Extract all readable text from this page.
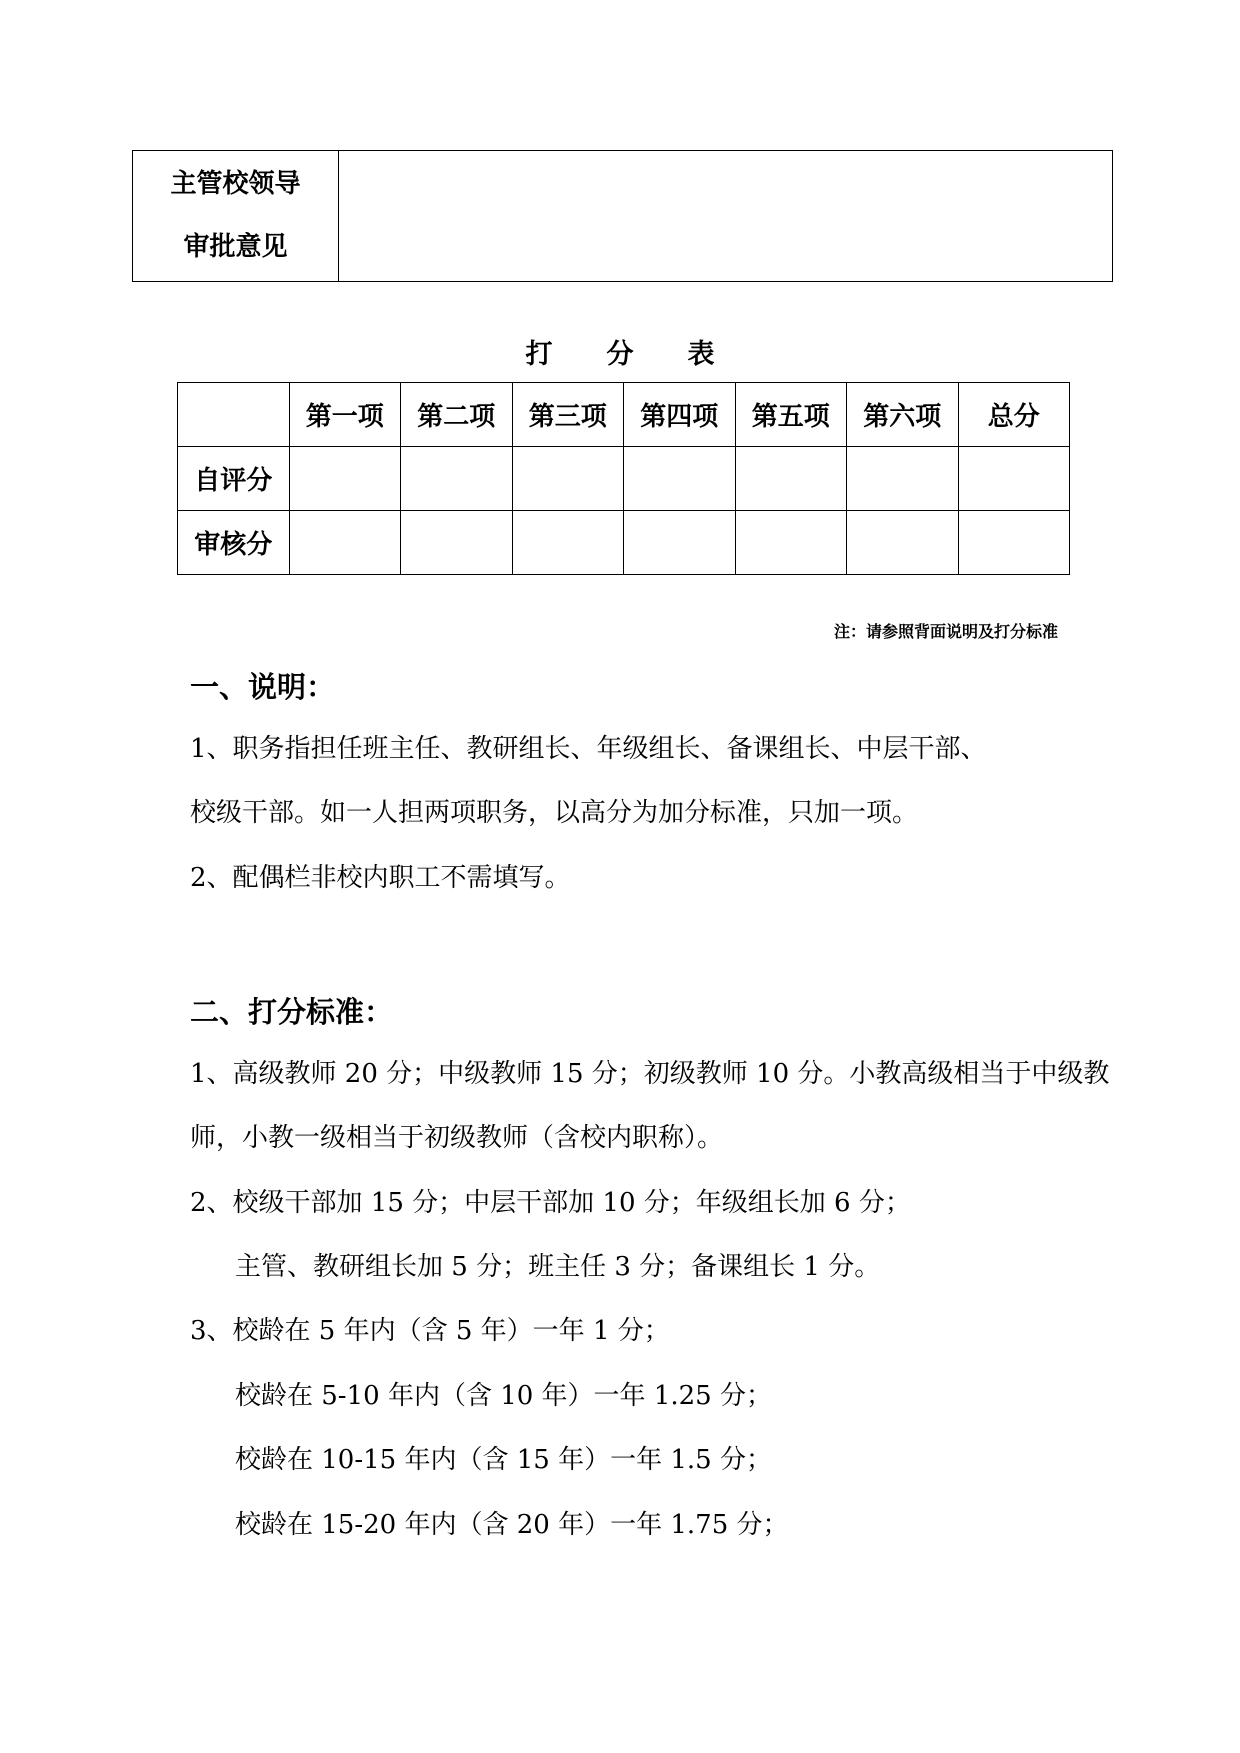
主管校领导
审批意见

打 分 表
	第一项	第二项	第三项	第四项	第五项	第六项	总分
自评分							
审核分							
注：请参照背面说明及打分标准
一、说明：
1、职务指担任班主任、教研组长、年级组长、备课组长、中层干部、
校级干部。如一人担两项职务，以高分为加分标准，只加一项。
2、配偶栏非校内职工不需填写。
二、打分标准：
1、高级教师 20 分；中级教师 15 分；初级教师 10 分。小教高级相当于中级教
师，小教一级相当于初级教师（含校内职称）。
2、校级干部加 15 分；中层干部加 10 分；年级组长加 6 分；
主管、教研组长加 5 分；班主任 3 分；备课组长 1 分。
3、校龄在 5 年内（含 5 年）一年 1 分；
校龄在 5-10 年内（含 10 年）一年 1.25 分；
校龄在 10-15 年内（含 15 年）一年 1.5 分；
校龄在 15-20 年内（含 20 年）一年 1.75 分；
